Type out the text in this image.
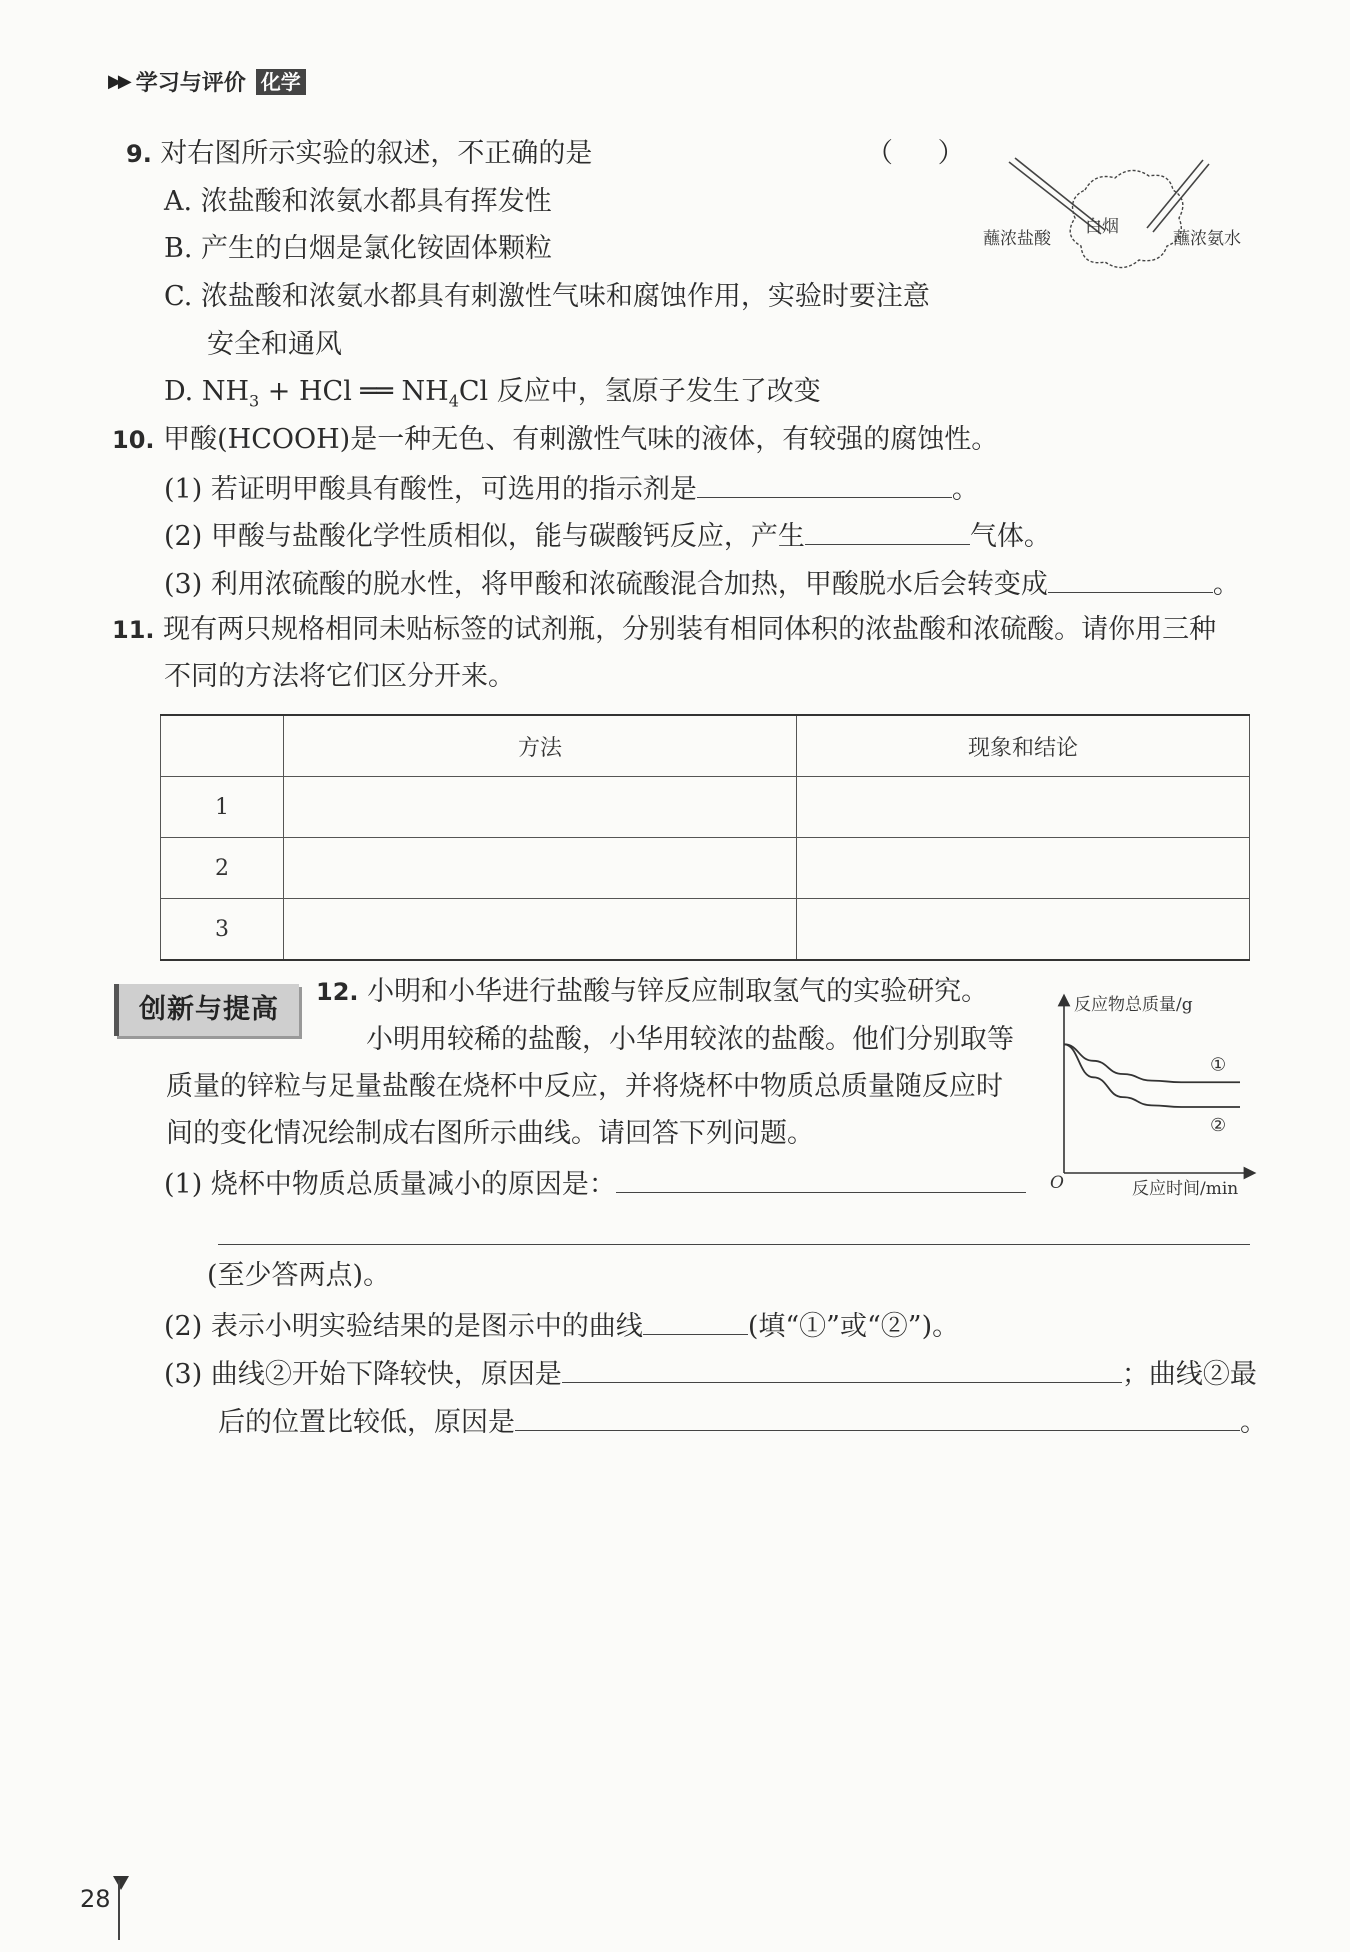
▶▶ 学习与评价 化学
9. 对右图所示实验的叙述，不正确的是	（ ）
A. 浓盐酸和浓氨水都具有挥发性
B. 产生的白烟是氯化铵固体颗粒
C. 浓盐酸和浓氨水都具有刺激性气味和腐蚀作用，实验时要注意
安全和通风
D. $NH_3$ + HCl ══ $NH_4Cl$ 反应中，氢原子发生了改变
蘸浓盐酸
白烟
蘸浓氨水
10. 甲酸(HCOOH)是一种无色、有刺激性气味的液体，有较强的腐蚀性。
(1) 若证明甲酸具有酸性，可选用的指示剂是	。
(2) 甲酸与盐酸化学性质相似，能与碳酸钙反应，产生	气体。
(3) 利用浓硫酸的脱水性，将甲酸和浓硫酸混合加热，甲酸脱水后会转变成	。
11. 现有两只规格相同未贴标签的试剂瓶，分别装有相同体积的浓盐酸和浓硫酸。请你用三种
不同的方法将它们区分开来。
	方法	现象和结论
1		
2		
3		
创新与提高
12. 小明和小华进行盐酸与锌反应制取氢气的实验研究。
小明用较稀的盐酸，小华用较浓的盐酸。他们分别取等
质量的锌粒与足量盐酸在烧杯中反应，并将烧杯中物质总质量随反应时
间的变化情况绘制成右图所示曲线。请回答下列问题。
(1) 烧杯中物质总质量减小的原因是：
(至少答两点)。
(2) 表示小明实验结果的是图示中的曲线	(填“①”或“②”)。
(3) 曲线②开始下降较快，原因是	；曲线②最
后的位置比较低，原因是	。
反应物总质量/g
反应时间/min
O
①
②
28
